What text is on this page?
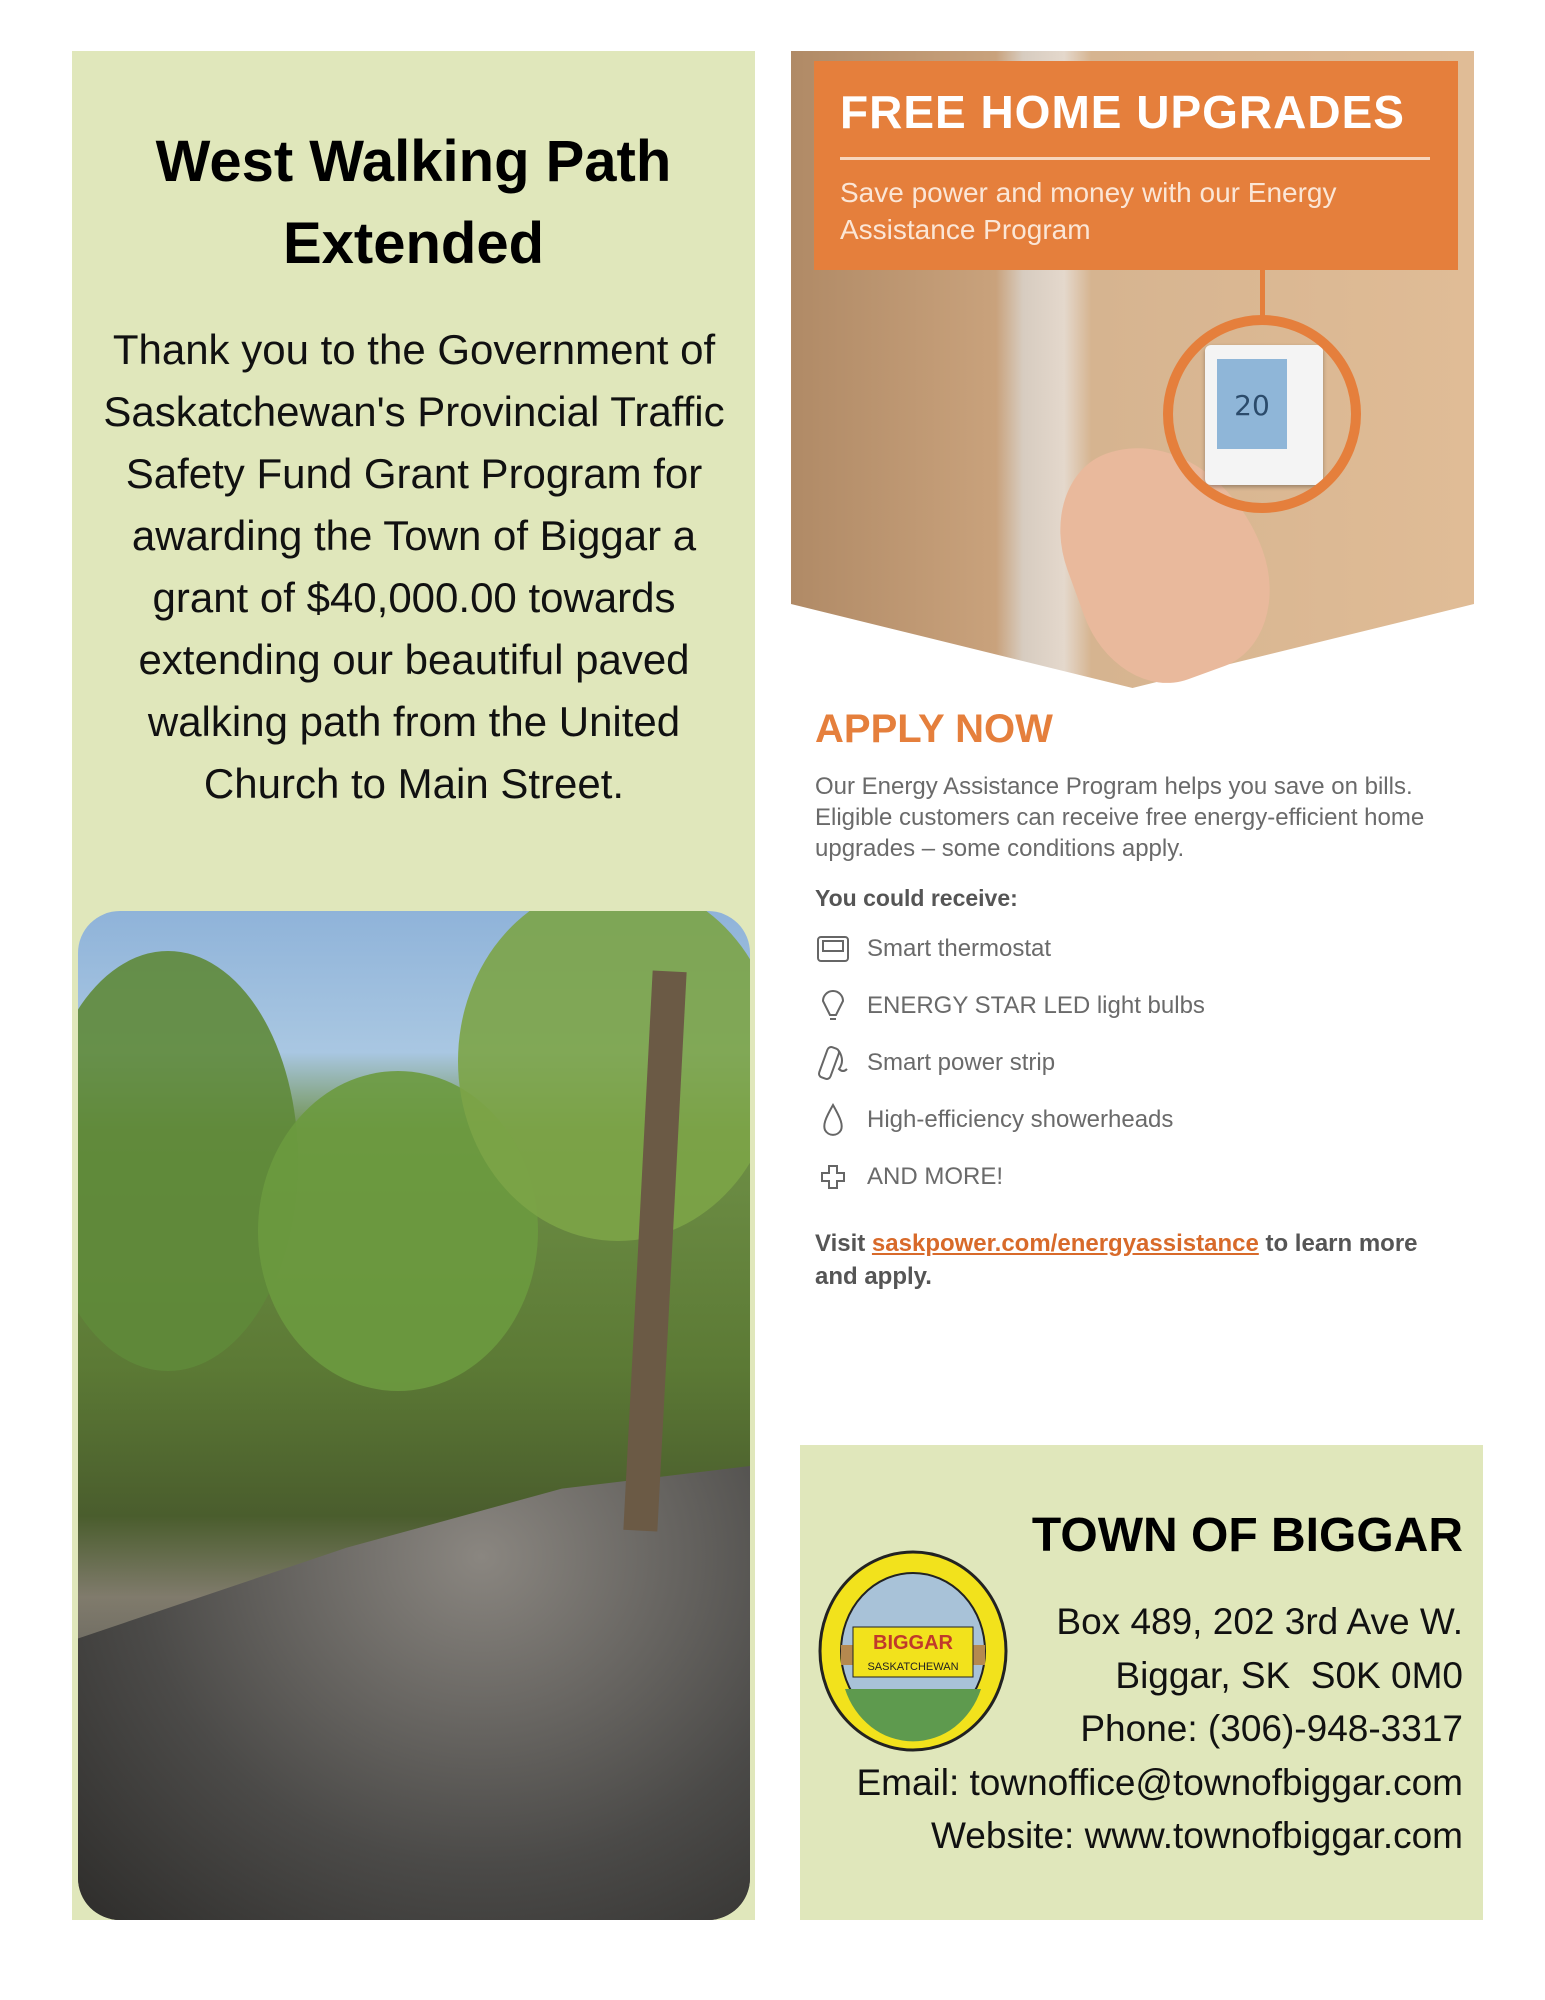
West Walking Path
Extended

Thank you to the Government of Saskatchewan's Provincial Traffic Safety Fund Grant Program for awarding the Town of Biggar a grant of $40,000.00 towards extending our beautiful paved walking path from the United Church to Main Street.

FREE HOME UPGRADES
Save power and money with our Energy Assistance Program
20
APPLY NOW

Our Energy Assistance Program helps you save on bills. Eligible customers can receive free energy-efficient home upgrades – some conditions apply.

You could receive:
Smart thermostat
ENERGY STAR LED light bulbs
Smart power strip
High-efficiency showerheads
AND MORE!

Visit saskpower.com/energyassistance to learn more and apply.

BIGGAR
SASKATCHEWAN
TOWN OF BIGGAR
Box 489, 202 3rd Ave W.
Biggar, SK  S0K 0M0
Phone: (306)-948-3317
Email: townoffice@townofbiggar.com
Website: www.townofbiggar.com
